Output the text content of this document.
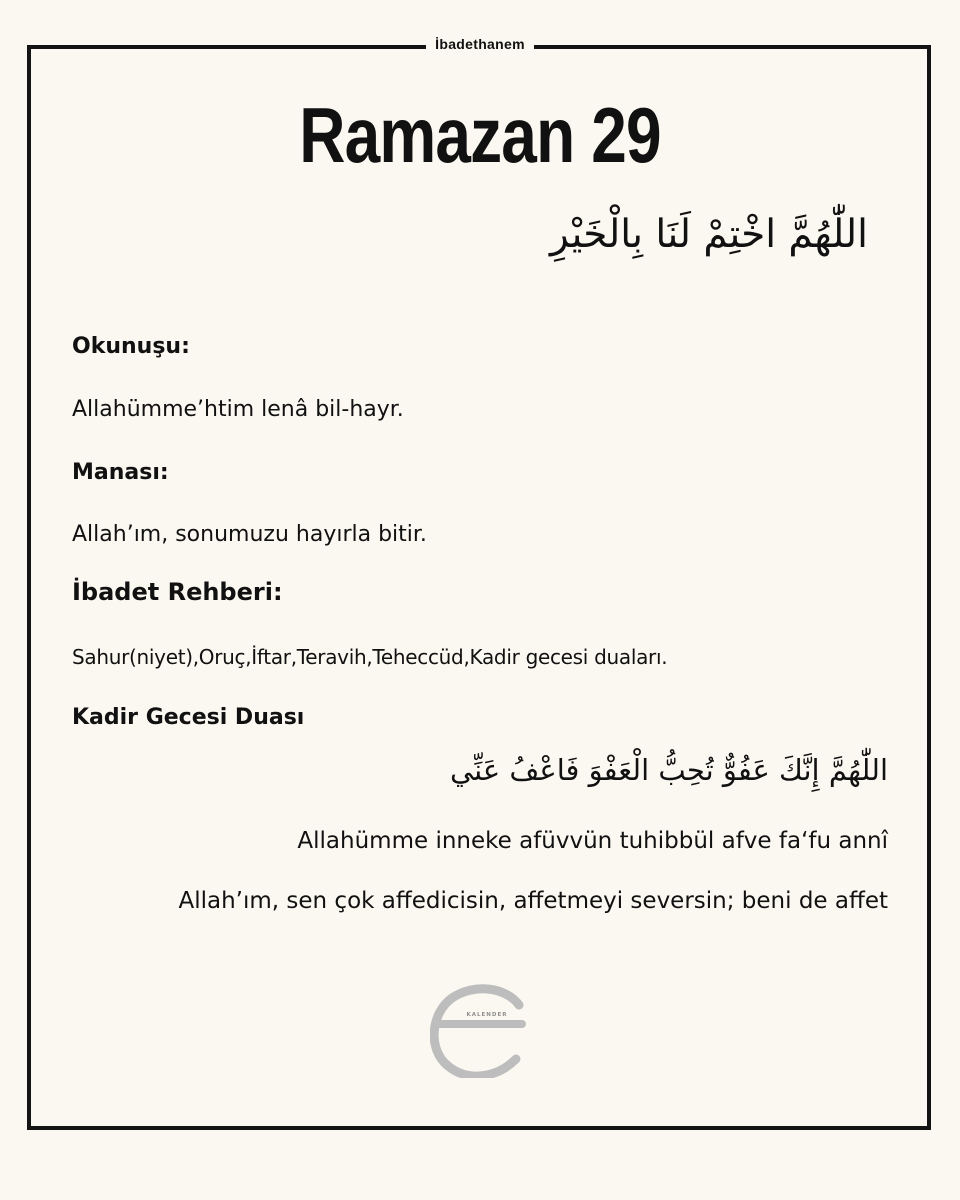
İbadethanem
Ramazan 29
اللّٰهُمَّ اخْتِمْ لَنَا بِالْخَيْرِ
Okunuşu:
Allahümme’htim lenâ bil-hayr.
Manası:
Allah’ım, sonumuzu hayırla bitir.
İbadet Rehberi:
Sahur(niyet),Oruç,İftar,Teravih,Teheccüd,Kadir gecesi duaları.
Kadir Gecesi Duası
اللّٰهُمَّ إِنَّكَ عَفُوٌّ تُحِبُّ الْعَفْوَ فَاعْفُ عَنِّي
Allahümme inneke afüvvün tuhibbül afve fa‘fu annî
Allah’ım, sen çok affedicisin, affetmeyi seversin; beni de affet
KALENDER
